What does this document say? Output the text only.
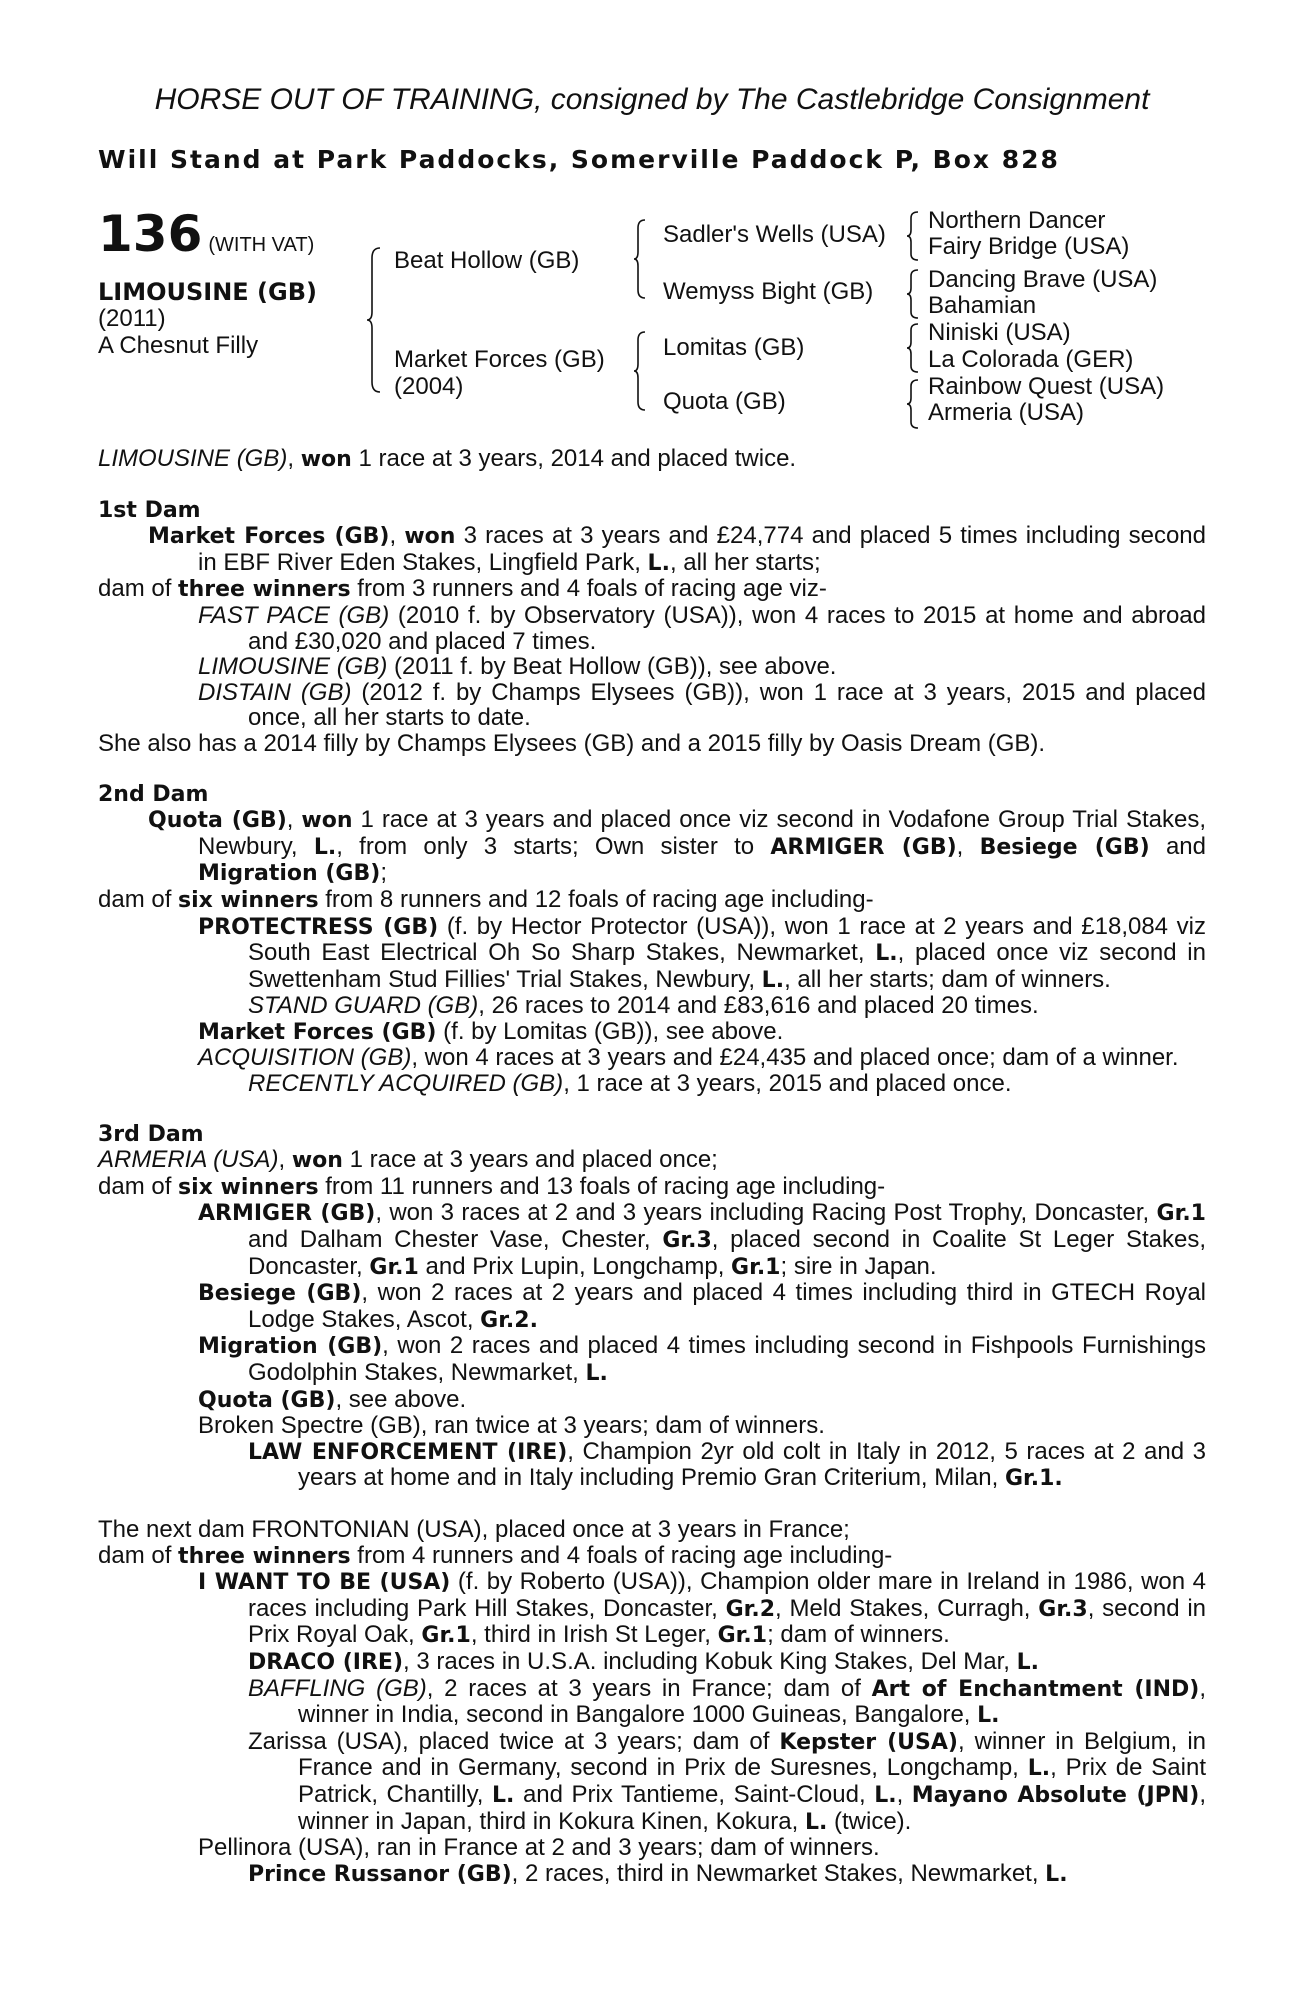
HORSE OUT OF TRAINING, consigned by The Castlebridge Consignment
Will Stand at Park Paddocks, Somerville Paddock P, Box 828
136 (WITH VAT)
LIMOUSINE (GB)
(2011)
A Chesnut Filly
Beat Hollow (GB)
Market Forces (GB)
(2004)
Sadler's Wells (USA)
Wemyss Bight (GB)
Lomitas (GB)
Quota (GB)
Northern Dancer
Fairy Bridge (USA)
Dancing Brave (USA)
Bahamian
Niniski (USA)
La Colorada (GER)
Rainbow Quest (USA)
Armeria (USA)

LIMOUSINE (GB), won 1 race at 3 years, 2014 and placed twice.

1st Dam

Market Forces (GB), won 3 races at 3 years and £24,774 and placed 5 times including second in EBF River Eden Stakes, Lingfield Park, L., all her starts;

dam of three winners from 3 runners and 4 foals of racing age viz-

FAST PACE (GB) (2010 f. by Observatory (USA)), won 4 races to 2015 at home and abroad and £30,020 and placed 7 times.

LIMOUSINE (GB) (2011 f. by Beat Hollow (GB)), see above.

DISTAIN (GB) (2012 f. by Champs Elysees (GB)), won 1 race at 3 years, 2015 and placed once, all her starts to date.

She also has a 2014 filly by Champs Elysees (GB) and a 2015 filly by Oasis Dream (GB).

2nd Dam

Quota (GB), won 1 race at 3 years and placed once viz second in Vodafone Group Trial Stakes, Newbury, L., from only 3 starts; Own sister to ARMIGER (GB), Besiege (GB) and Migration (GB);

dam of six winners from 8 runners and 12 foals of racing age including-

PROTECTRESS (GB) (f. by Hector Protector (USA)), won 1 race at 2 years and £18,084 viz South East Electrical Oh So Sharp Stakes, Newmarket, L., placed once viz second in Swettenham Stud Fillies' Trial Stakes, Newbury, L., all her starts; dam of winners.

STAND GUARD (GB), 26 races to 2014 and £83,616 and placed 20 times.

Market Forces (GB) (f. by Lomitas (GB)), see above.

ACQUISITION (GB), won 4 races at 3 years and £24,435 and placed once; dam of a winner.

RECENTLY ACQUIRED (GB), 1 race at 3 years, 2015 and placed once.

3rd Dam

ARMERIA (USA), won 1 race at 3 years and placed once;

dam of six winners from 11 runners and 13 foals of racing age including-

ARMIGER (GB), won 3 races at 2 and 3 years including Racing Post Trophy, Doncaster, Gr.1 and Dalham Chester Vase, Chester, Gr.3, placed second in Coalite St Leger Stakes, Doncaster, Gr.1 and Prix Lupin, Longchamp, Gr.1; sire in Japan.

Besiege (GB), won 2 races at 2 years and placed 4 times including third in GTECH Royal Lodge Stakes, Ascot, Gr.2.

Migration (GB), won 2 races and placed 4 times including second in Fishpools Furnishings Godolphin Stakes, Newmarket, L.

Quota (GB), see above.

Broken Spectre (GB), ran twice at 3 years; dam of winners.

LAW ENFORCEMENT (IRE), Champion 2yr old colt in Italy in 2012, 5 races at 2 and 3 years at home and in Italy including Premio Gran Criterium, Milan, Gr.1.

The next dam FRONTONIAN (USA), placed once at 3 years in France;

dam of three winners from 4 runners and 4 foals of racing age including-

I WANT TO BE (USA) (f. by Roberto (USA)), Champion older mare in Ireland in 1986, won 4 races including Park Hill Stakes, Doncaster, Gr.2, Meld Stakes, Curragh, Gr.3, second in Prix Royal Oak, Gr.1, third in Irish St Leger, Gr.1; dam of winners.

DRACO (IRE), 3 races in U.S.A. including Kobuk King Stakes, Del Mar, L.

BAFFLING (GB), 2 races at 3 years in France; dam of Art of Enchantment (IND), winner in India, second in Bangalore 1000 Guineas, Bangalore, L.

Zarissa (USA), placed twice at 3 years; dam of Kepster (USA), winner in Belgium, in France and in Germany, second in Prix de Suresnes, Longchamp, L., Prix de Saint Patrick, Chantilly, L. and Prix Tantieme, Saint-Cloud, L., Mayano Absolute (JPN), winner in Japan, third in Kokura Kinen, Kokura, L. (twice).

Pellinora (USA), ran in France at 2 and 3 years; dam of winners.

Prince Russanor (GB), 2 races, third in Newmarket Stakes, Newmarket, L.
